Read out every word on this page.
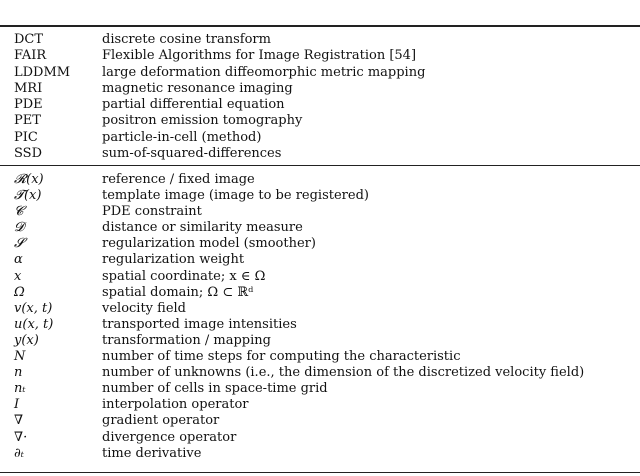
DCT	discrete cosine transform
FAIR	Flexible Algorithms for Image Registration [54]
LDDMM large deformation diffeomorphic metric mapping
MRI	magnetic resonance imaging
PDE	partial differential equation
PET	positron emission tomography
PIC	particle-in-cell (method)
SSD	sum-of-squared-differences
𝓡(x)	reference / fixed image
𝓣(x)	template image (image to be registered)
𝓒	PDE constraint
𝓓	distance or similarity measure
𝓢	regularization model (smoother)
α	regularization weight
x	spatial coordinate; x ∈ Ω
Ω	spatial domain; Ω ⊂ ℝᵈ
v(x, t)	velocity field
u(x, t)	transported image intensities
y(x)	transformation / mapping
N	number of time steps for computing the characteristic
n	number of unknowns (i.e., the dimension of the discretized velocity field)
nₜ	number of cells in space-time grid
I	interpolation operator
∇	gradient operator
∇·	divergence operator
∂ₜ	time derivative
